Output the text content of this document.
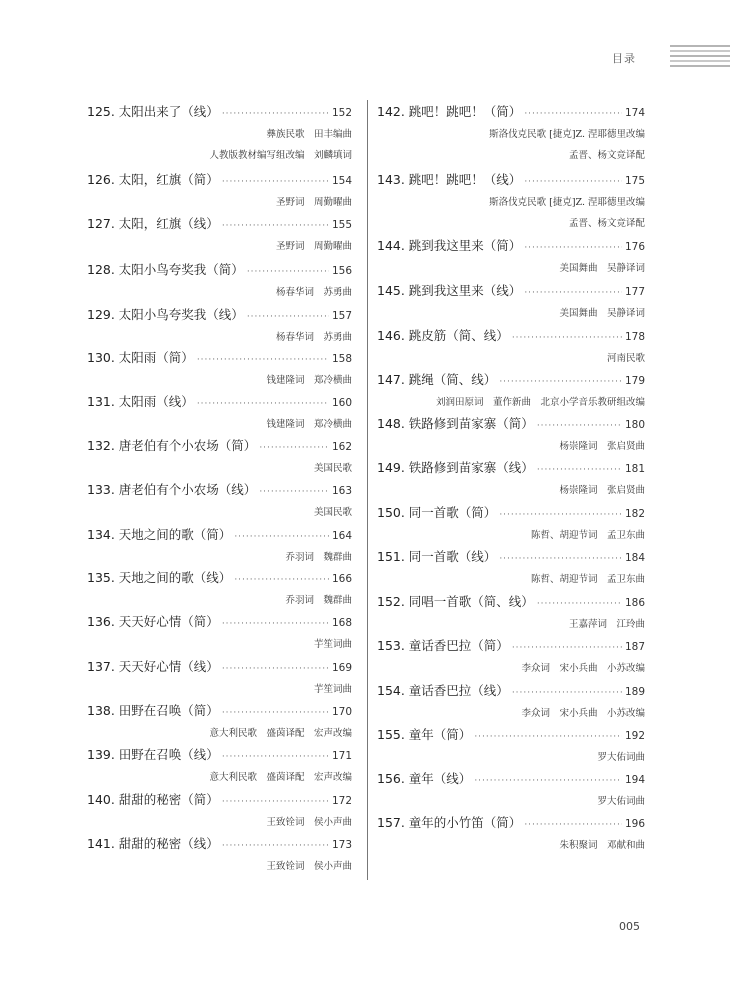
目录
125. 太阳出来了（线） ·····	152
彝族民歌　田丰编曲
人教版教材编写组改编　刘麟填词
126. 太阳，红旗（简） ·····	154
圣野词　周勤曜曲
127. 太阳，红旗（线） ·····	155
圣野词　周勤曜曲
128. 太阳小鸟夸奖我（简） ·····	156
杨春华词　苏勇曲
129. 太阳小鸟夸奖我（线） ·····	157
杨春华词　苏勇曲
130. 太阳雨（简） ·····	158
钱建隆词　郑冷横曲
131. 太阳雨（线） ·····	160
钱建隆词　郑冷横曲
132. 唐老伯有个小农场（简） ·····	162
美国民歌
133. 唐老伯有个小农场（线） ·····	163
美国民歌
134. 天地之间的歌（简） ·····	164
乔羽词　魏群曲
135. 天地之间的歌（线） ·····	166
乔羽词　魏群曲
136. 天天好心情（简） ·····	168
芋笙词曲
137. 天天好心情（线） ·····	169
芋笙词曲
138. 田野在召唤（简） ·····	170
意大利民歌　盛茵译配　宏声改编
139. 田野在召唤（线） ·····	171
意大利民歌　盛茵译配　宏声改编
140. 甜甜的秘密（简） ·····	172
王致铨词　侯小声曲
141. 甜甜的秘密（线） ·····	173
王致铨词　侯小声曲
142. 跳吧！跳吧！（简） ·····	174
斯洛伐克民歌 [捷克]Z. 涅耶德里改编
孟晋、杨文竞译配
143. 跳吧！跳吧！（线） ·····	175
斯洛伐克民歌 [捷克]Z. 涅耶德里改编
孟晋、杨文竞译配
144. 跳到我这里来（简） ·····	176
美国舞曲　吴静译词
145. 跳到我这里来（线） ·····	177
美国舞曲　吴静译词
146. 跳皮筋（简、线） ·····	178
河南民歌
147. 跳绳（简、线） ·····	179
刘润田原词　董作新曲　北京小学音乐教研组改编
148. 铁路修到苗家寨（简） ·····	180
杨崇隆词　张启贤曲
149. 铁路修到苗家寨（线） ·····	181
杨崇隆词　张启贤曲
150. 同一首歌（简） ·····	182
陈哲、胡迎节词　孟卫东曲
151. 同一首歌（线） ·····	184
陈哲、胡迎节词　孟卫东曲
152. 同唱一首歌（简、线） ·····	186
王嘉萍词　江玲曲
153. 童话香巴拉（简） ·····	187
李众词　宋小兵曲　小苏改编
154. 童话香巴拉（线） ·····	189
李众词　宋小兵曲　小苏改编
155. 童年（简） ·····	192
罗大佑词曲
156. 童年（线） ·····	194
罗大佑词曲
157. 童年的小竹笛（简） ·····	196
朱积聚词　邓献和曲
005
